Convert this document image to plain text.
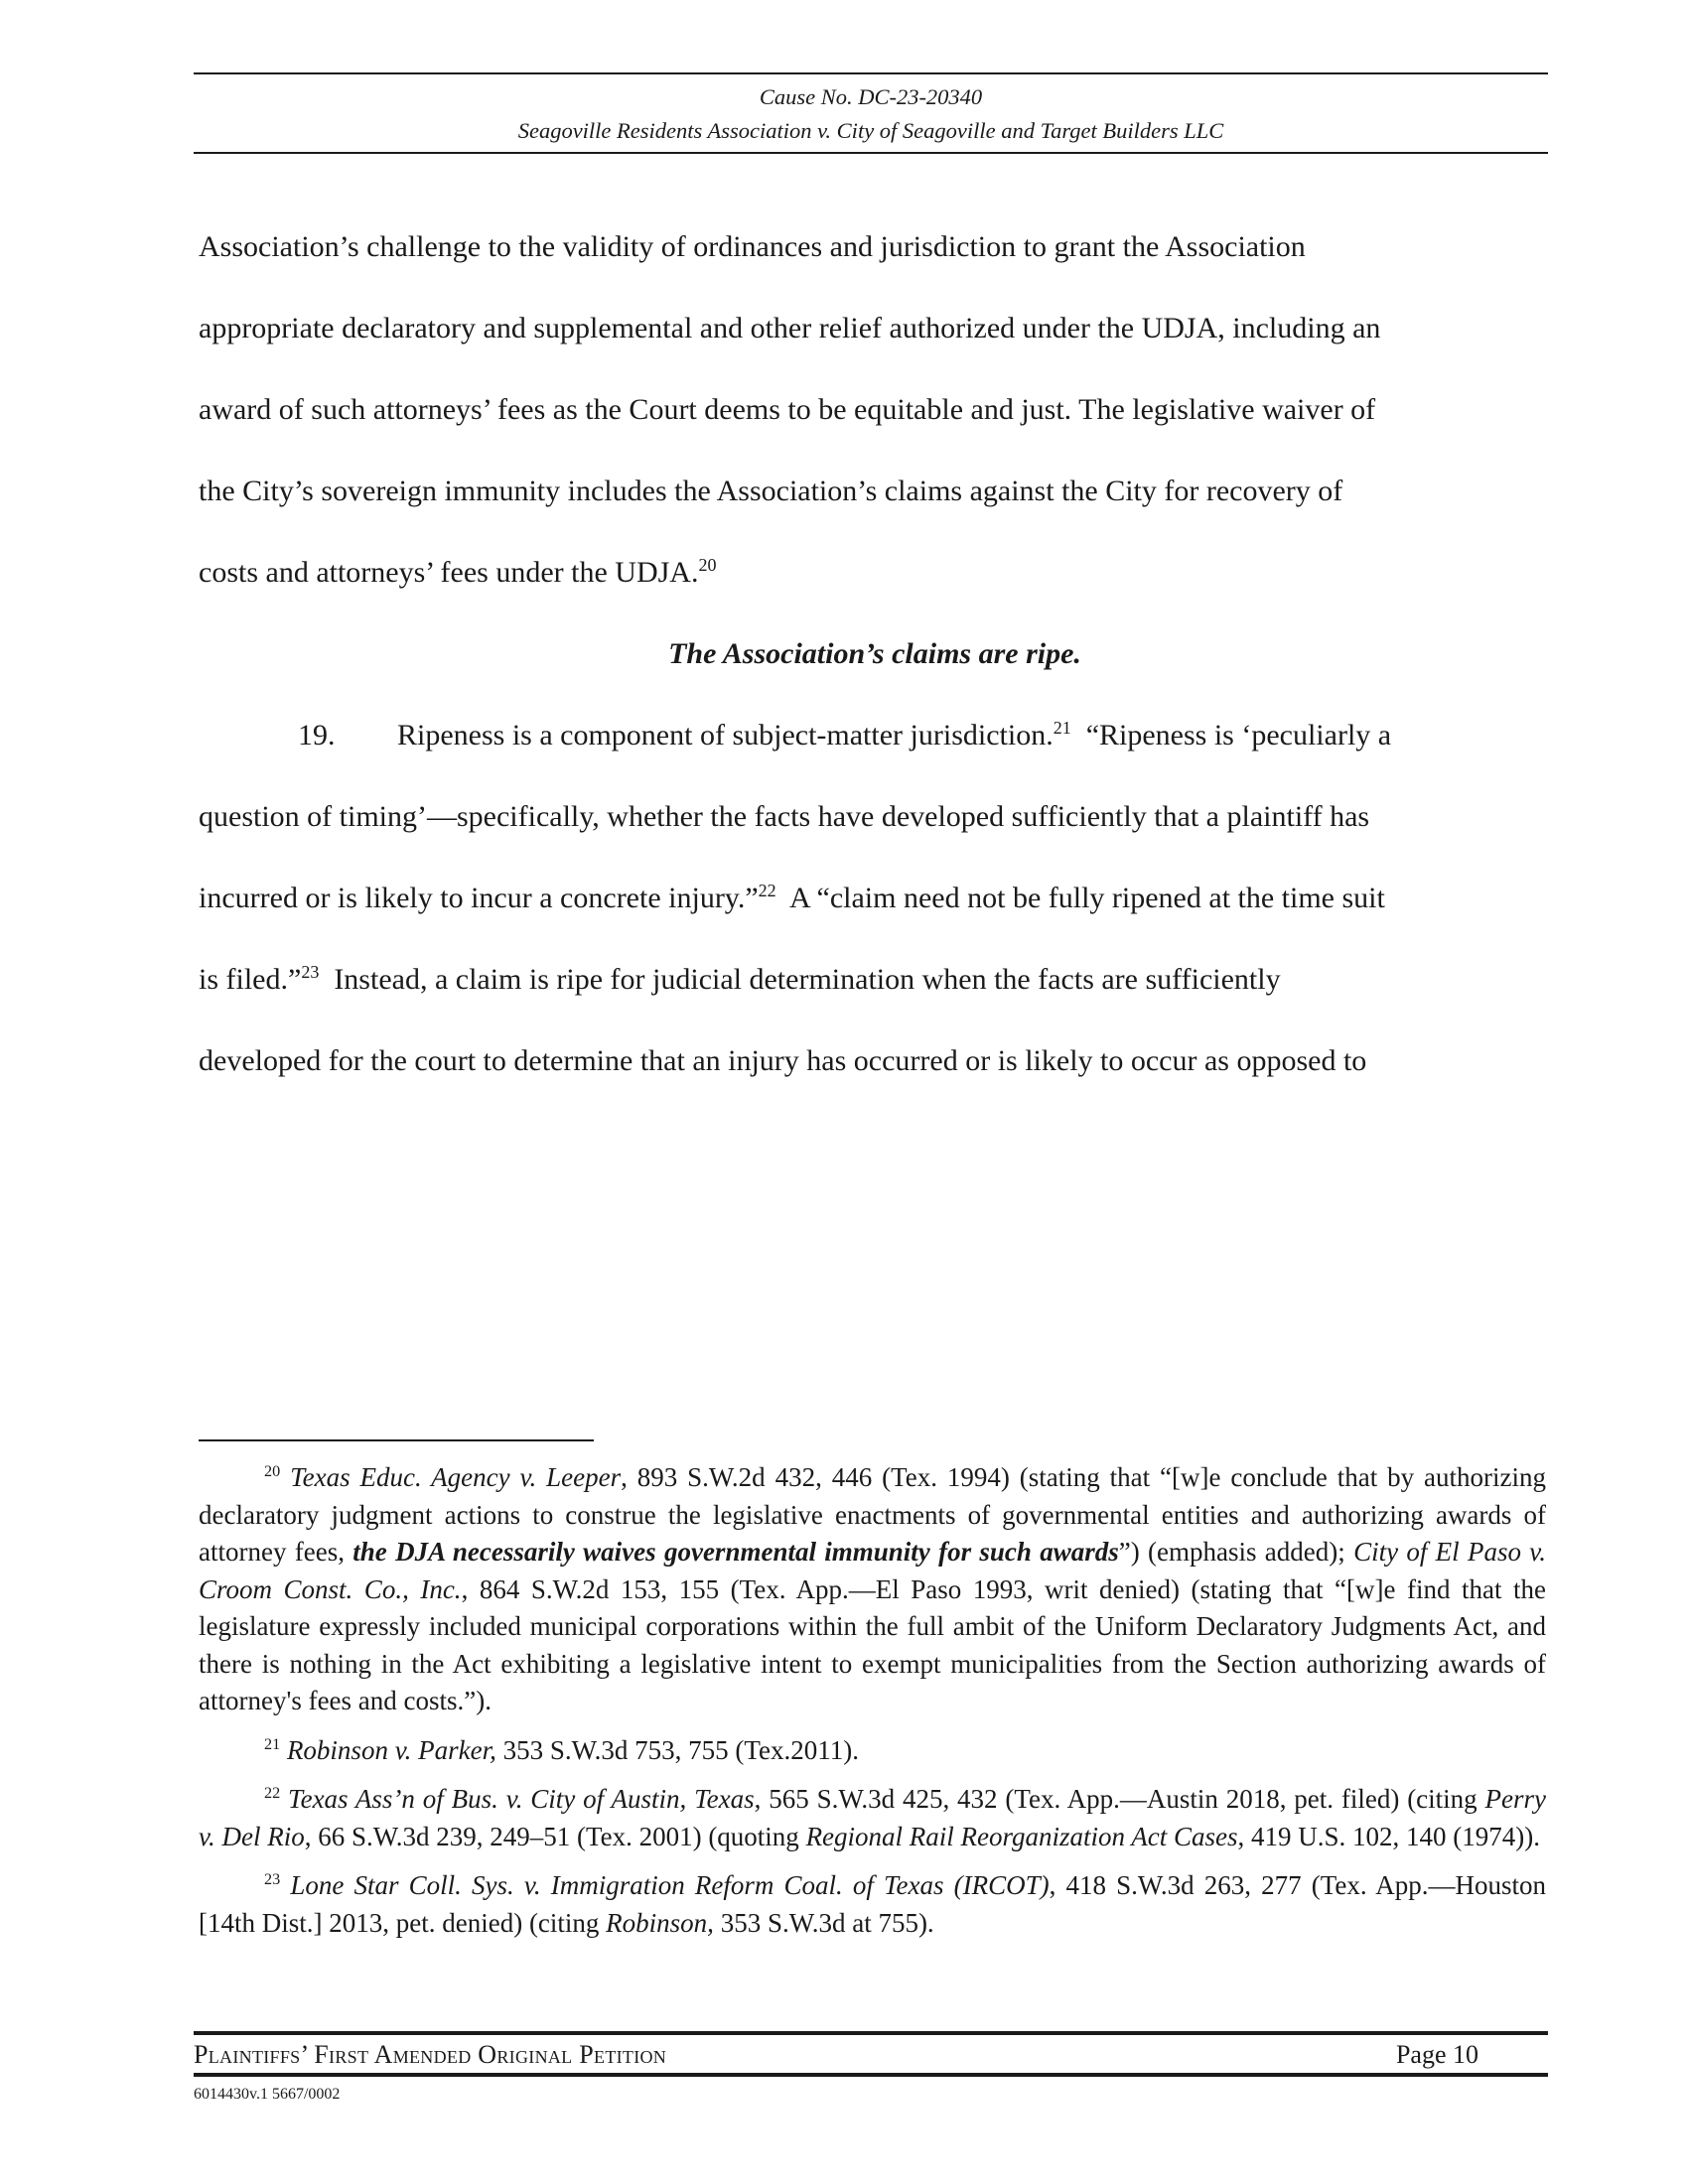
Cause No. DC-23-20340
Seagoville Residents Association v. City of Seagoville and Target Builders LLC

Association’s challenge to the validity of ordinances and jurisdiction to grant the Association

appropriate declaratory and supplemental and other relief authorized under the UDJA, including an

award of such attorneys’ fees as the Court deems to be equitable and just. The legislative waiver of

the City’s sovereign immunity includes the Association’s claims against the City for recovery of

costs and attorneys’ fees under the UDJA.$^{20}$

The Association’s claims are ripe.

19. Ripeness is a component of subject-matter jurisdiction.$^{21}$  “Ripeness is ‘peculiarly a

question of timing’—specifically, whether the facts have developed sufficiently that a plaintiff has

incurred or is likely to incur a concrete injury.”$^{22}$  A “claim need not be fully ripened at the time suit

is filed.”$^{23}$  Instead, a claim is ripe for judicial determination when the facts are sufficiently

developed for the court to determine that an injury has occurred or is likely to occur as opposed to

$^{20}$ Texas Educ. Agency v. Leeper, 893 S.W.2d 432, 446 (Tex. 1994) (stating that “[w]e conclude that by authorizing declaratory judgment actions to construe the legislative enactments of governmental entities and authorizing awards of attorney fees, the DJA necessarily waives governmental immunity for such awards”) (emphasis added); City of El Paso v. Croom Const. Co., Inc., 864 S.W.2d 153, 155 (Tex. App.—El Paso 1993, writ denied) (stating that “[w]e find that the legislature expressly included municipal corporations within the full ambit of the Uniform Declaratory Judgments Act, and there is nothing in the Act exhibiting a legislative intent to exempt municipalities from the Section authorizing awards of attorney's fees and costs.”).

$^{21}$ Robinson v. Parker, 353 S.W.3d 753, 755 (Tex.2011).

$^{22}$ Texas Ass’n of Bus. v. City of Austin, Texas, 565 S.W.3d 425, 432 (Tex. App.—Austin 2018, pet. filed) (citing Perry v. Del Rio, 66 S.W.3d 239, 249–51 (Tex. 2001) (quoting Regional Rail Reorganization Act Cases, 419 U.S. 102, 140 (1974)).

$^{23}$ Lone Star Coll. Sys. v. Immigration Reform Coal. of Texas (IRCOT), 418 S.W.3d 263, 277 (Tex. App.—Houston [14th Dist.] 2013, pet. denied) (citing Robinson, 353 S.W.3d at 755).

Plaintiffs’ First Amended Original Petition	Page 10
6014430v.1 5667/0002
